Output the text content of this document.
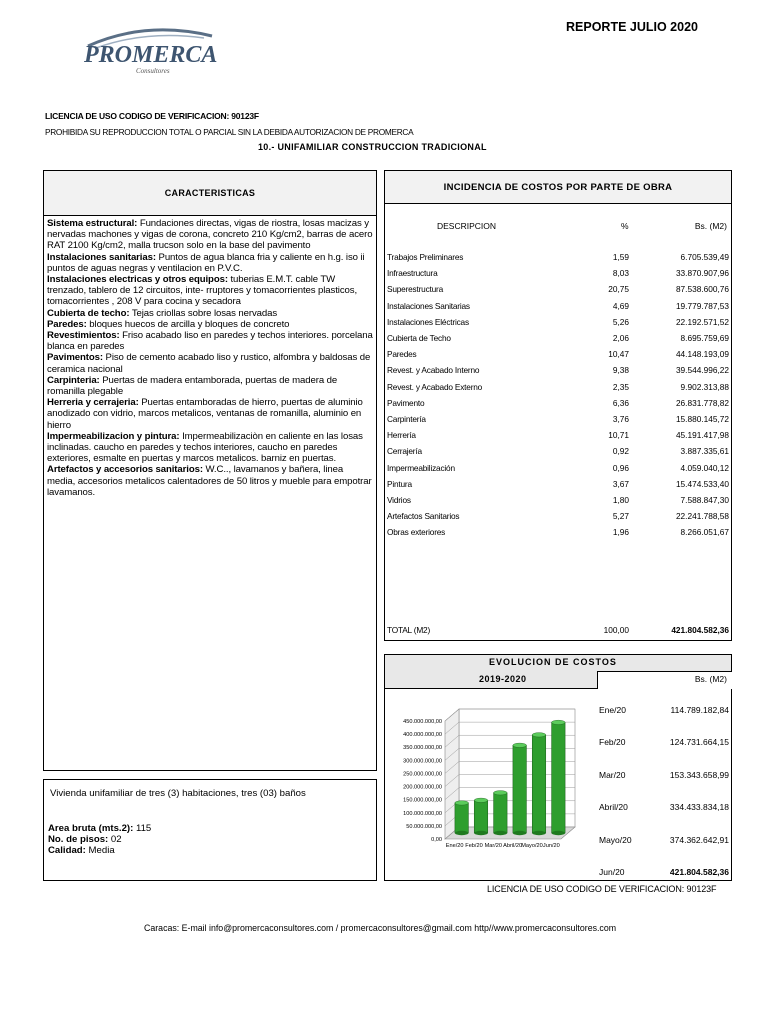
REPORTE JULIO 2020
PROMERCA
Consultores
LICENCIA DE USO CODIGO DE VERIFICACION: 90123F
PROHIBIDA SU REPRODUCCION TOTAL O PARCIAL SIN LA DEBIDA AUTORIZACION DE PROMERCA
10.- UNIFAMILIAR CONSTRUCCION TRADICIONAL
CARACTERISTICAS

Sistema estructural: Fundaciones directas, vigas de riostra, losas macizas y nervadas machones y vigas de corona, concreto 210 Kg/cm2, barras de acero RAT 2100 Kg/cm2, malla trucson solo en la base del pavimento

Instalaciones sanitarias: Puntos de agua blanca fria y caliente en h.g. iso ii puntos de aguas negras y ventilacion en P.V.C.

Instalaciones electricas y otros equipos: tuberias E.M.T. cable TW trenzado, tablero de 12 circuitos, inte- rruptores y tomacorrientes plasticos, tomacorrientes , 208 V para cocina y secadora

Cubierta de techo: Tejas criollas sobre losas nervadas

Paredes: bloques huecos de arcilla y bloques de concreto

Revestimientos: Friso acabado liso en paredes y techos interiores. porcelana blanca en paredes

Pavimentos: Piso de cemento acabado liso y rustico, alfombra y baldosas de ceramica nacional

Carpinteria: Puertas de madera entamborada, puertas de madera de romanilla plegable

Herreria y cerrajeria: Puertas entamboradas de hierro, puertas de aluminio anodizado con vidrio, marcos metalicos, ventanas de romanilla, aluminio en hierro

Impermeabilizacion y pintura: Impermeabilizaciòn en caliente en las losas inclinadas. caucho en paredes y techos interiores, caucho en paredes exteriores, esmalte en puertas y marcos metalicos. barniz en puertas.

Artefactos y accesorios sanitarios: W.C.., lavamanos y bañera, linea media, accesorios metalicos calentadores de 50 litros y mueble para empotrar lavamanos.

Vivienda unifamiliar de tres (3) habitaciones, tres (03) baños
Area bruta (mts.2): 115
No. de pisos: 02
Calidad: Media
INCIDENCIA DE COSTOS POR PARTE DE OBRA
DESCRIPCION	%	Bs. (M2)
Trabajos Preliminares	1,59	6.705.539,49
Infraestructura	8,03	33.870.907,96
Superestructura	20,75	87.538.600,76
Instalaciones Sanitarias	4,69	19.779.787,53
Instalaciones Eléctricas	5,26	22.192.571,52
Cubierta de Techo	2,06	8.695.759,69
Paredes	10,47	44.148.193,09
Revest. y Acabado Interno	9,38	39.544.996,22
Revest. y Acabado Externo	2,35	9.902.313,88
Pavimento	6,36	26.831.778,82
Carpintería	3,76	15.880.145,72
Herrería	10,71	45.191.417,98
Cerrajería	0,92	3.887.335,61
Impermeabilización	0,96	4.059.040,12
Pintura	3,67	15.474.533,40
Vidrios	1,80	7.588.847,30
Artefactos Sanitarios	5,27	22.241.788,58
Obras exteriores	1,96	8.266.051,67
TOTAL (M2)	100,00	421.804.582,36
EVOLUCION DE COSTOS
2019-2020	Bs. (M2)
Ene/20	114.789.182,84
Feb/20	124.731.664,15
Mar/20	153.343.658,99
Abril/20	334.433.834,18
Mayo/20	374.362.642,91
Jun/20	421.804.582,36
0,00
50.000.000,00
100.000.000,00
150.000.000,00
200.000.000,00
250.000.000,00
300.000.000,00
350.000.000,00
400.000.000,00
450.000.000,00
Ene/20 Feb/20 Mar/20 Abril/20 Mayo/20 Jun/20
LICENCIA DE USO CODIGO DE VERIFICACION: 90123F
Caracas: E-mail info@promercaconsultores.com / promercaconsultores@gmail.com http//www.promercaconsultores.com
